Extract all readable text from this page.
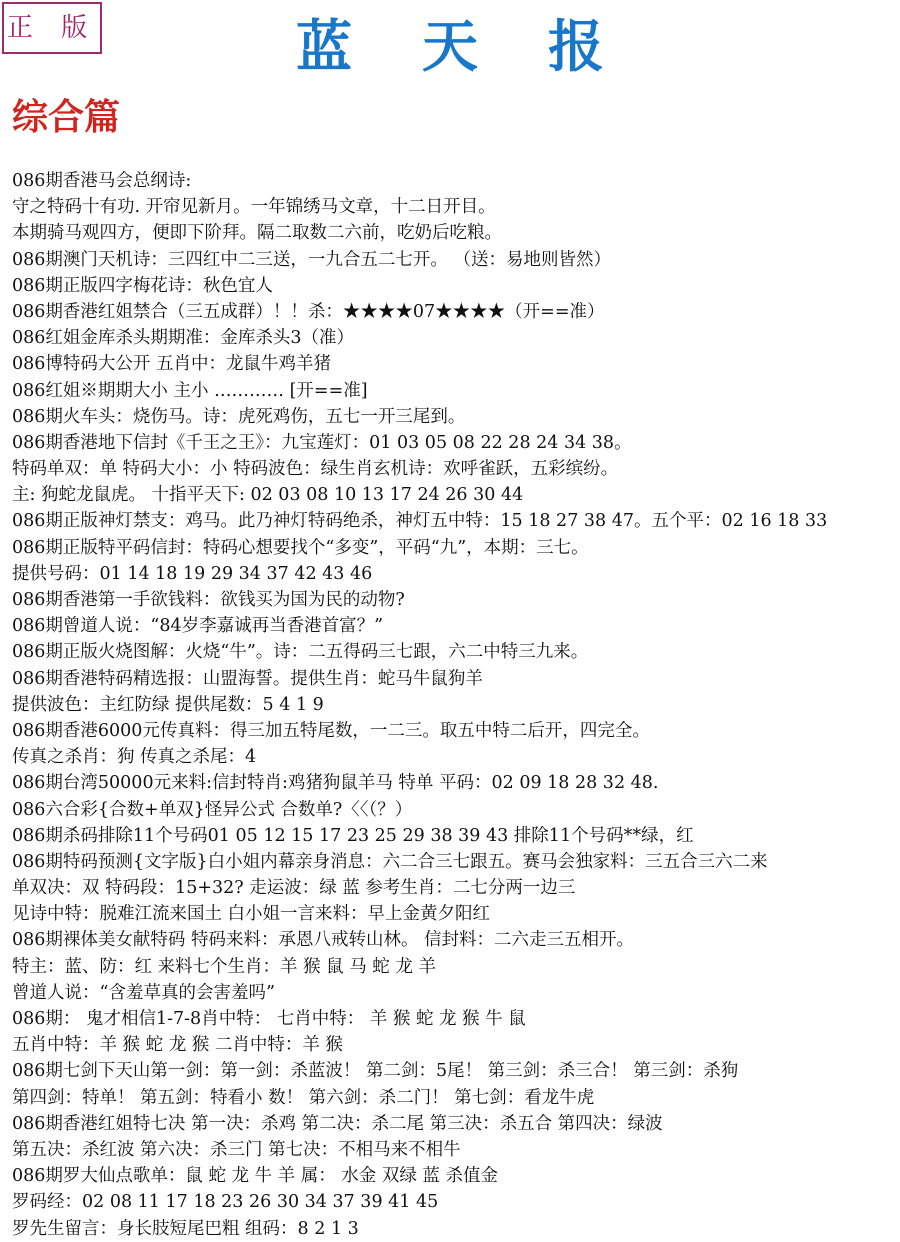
正 版	蓝天报
综合篇
086期香港马会总纲诗:
守之特码十有功. 开帘见新月。一年锦绣马文章，十二日开目。
本期骑马观四方，便即下阶拜。隔二取数二六前，吃奶后吃粮。
086期澳门天机诗：三四红中二三送，一九合五二七开。 （送：易地则皆然）
086期正版四字梅花诗：秋色宜人
086期香港红姐禁合（三五成群）！！杀：★★★★07★★★★（开==准）
086红姐金库杀头期期准：金库杀头3（准）
086博特码大公开 五肖中：龙鼠牛鸡羊猪
086红姐※期期大小 主小 ………… [开==准]
086期火车头：烧伤马。诗：虎死鸡伤，五七一开三尾到。
086期香港地下信封《千王之王》：九宝莲灯：01 03 05 08 22 28 24 34 38。
特码单双：单 特码大小：小 特码波色：绿生肖玄机诗：欢呼雀跃，五彩缤纷。
主: 狗蛇龙鼠虎。 十指平天下: 02 03 08 10 13 17 24 26 30 44
086期正版神灯禁支：鸡马。此乃神灯特码绝杀，神灯五中特：15 18 27 38 47。五个平：02 16 18 33
086期正版特平码信封：特码心想要找个“多变”，平码“九”，本期：三七。
提供号码：01 14 18 19 29 34 37 42 43 46
086期香港第一手欲钱料：欲钱买为国为民的动物?
086期曾道人说：“84岁李嘉诚再当香港首富？”
086期正版火烧图解：火烧“牛”。诗：二五得码三七跟，六二中特三九来。
086期香港特码精选报：山盟海誓。提供生肖：蛇马牛鼠狗羊
提供波色：主红防绿 提供尾数：5 4 1 9
086期香港6000元传真料：得三加五特尾数，一二三。取五中特二后开，四完全。
传真之杀肖：狗 传真之杀尾：4
086期台湾50000元来料:信封特肖:鸡猪狗鼠羊马 特单 平码：02 09 18 28 32 48.
086六合彩{合数+单双}怪异公式 合数单?〈〈（？）
086期杀码排除11个号码01 05 12 15 17 23 25 29 38 39 43 排除11个号码**绿，红
086期特码预测{文字版}白小姐内幕亲身消息：六二合三七跟五。赛马会独家料：三五合三六二来
单双决：双 特码段：15+32? 走运波：绿 蓝 参考生肖：二七分两一边三
见诗中特：脱难江流来国土 白小姐一言来料：早上金黄夕阳红
086期裸体美女献特码 特码来料：承恩八戒转山林。 信封料：二六走三五相开。
特主：蓝、防：红 来料七个生肖：羊 猴 鼠 马 蛇 龙 羊
曾道人说：“含羞草真的会害羞吗”
086期： 鬼才相信1-7-8肖中特： 七肖中特： 羊 猴 蛇 龙 猴 牛 鼠
五肖中特：羊 猴 蛇 龙 猴 二肖中特：羊 猴
086期七剑下天山第一剑：第一剑：杀蓝波！ 第二剑：5尾！ 第三剑：杀三合！ 第三剑：杀狗
第四剑：特单！ 第五剑：特看小 数！ 第六剑：杀二门！ 第七剑：看龙牛虎
086期香港红姐特七决 第一决：杀鸡 第二决：杀二尾 第三决：杀五合 第四决：绿波
第五决：杀红波 第六决：杀三门 第七决：不相马来不相牛
086期罗大仙点歌单：鼠 蛇 龙 牛 羊 属： 水金 双绿 蓝 杀值金
罗码经：02 08 11 17 18 23 26 30 34 37 39 41 45
罗先生留言：身长肢短尾巴粗 组码：8 2 1 3
